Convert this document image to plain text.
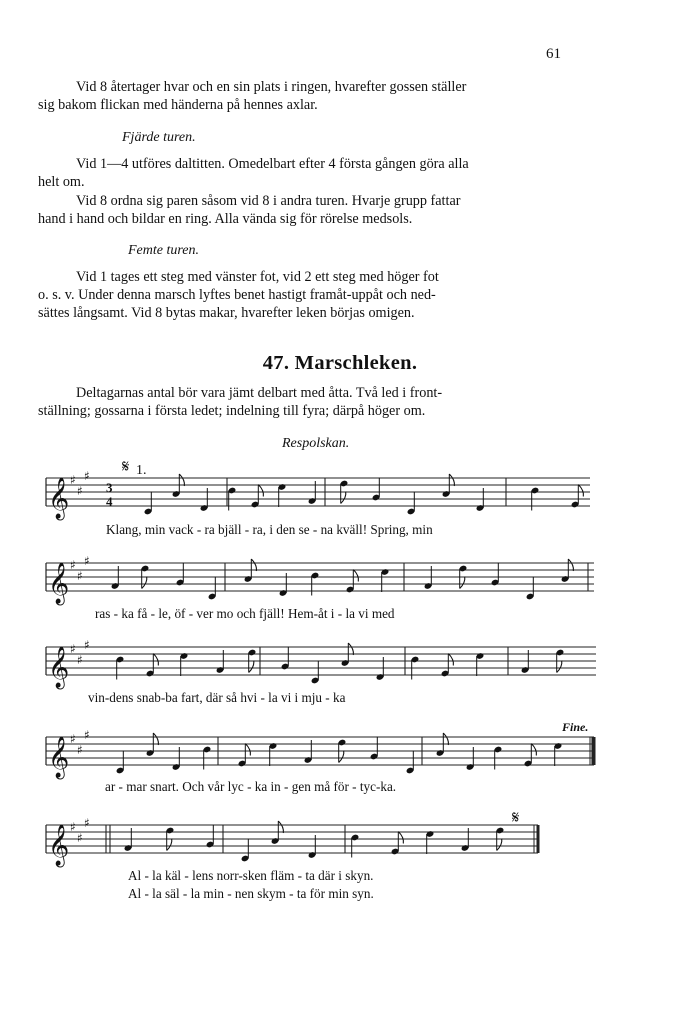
61
Vid 8 återtager hvar och en sin plats i ringen, hvarefter gossen ställer
sig bakom flickan med händerna på hennes axlar.
Fjärde turen.
Vid 1—4 utföres daltitten. Omedelbart efter 4 första gången göra alla
helt om.
Vid 8 ordna sig paren såsom vid 8 i andra turen. Hvarje grupp fattar
hand i hand och bildar en ring. Alla vända sig för rörelse medsols.
Femte turen.
Vid 1 tages ett steg med vänster fot, vid 2 ett steg med höger fot
o. s. v. Under denna marsch lyftes benet hastigt framåt-uppåt och ned-
sättes långsamt. Vid 8 bytas makar, hvarefter leken börjas omigen.
47. Marschleken.
Deltagarnas antal bör vara jämt delbart med åtta. Två led i front-
ställning; gossarna i första ledet; indelning till fyra; därpå höger om.
Respolskan.
𝄞 ♯
♯
♯
𝄞 ♯
♯
♯
𝄞 ♯
♯
♯
𝄞 ♯
♯
♯
𝄞 ♯
♯
♯
𝄋 1.
3
4
Fine.
𝄋
Klang, min vack - ra bjäll - ra, i den se - na kväll! Spring, min
ras - ka få - le, öf - ver mo och fjäll! Hem-åt i - la vi med
vin-dens snab-ba fart, där så hvi - la vi i mju - ka
ar - mar snart. Och vår lyc - ka in - gen må för - tyc-ka.
Al - la käl - lens norr-sken fläm - ta där i skyn.
Al - la säl - la min - nen skym - ta för min syn.
